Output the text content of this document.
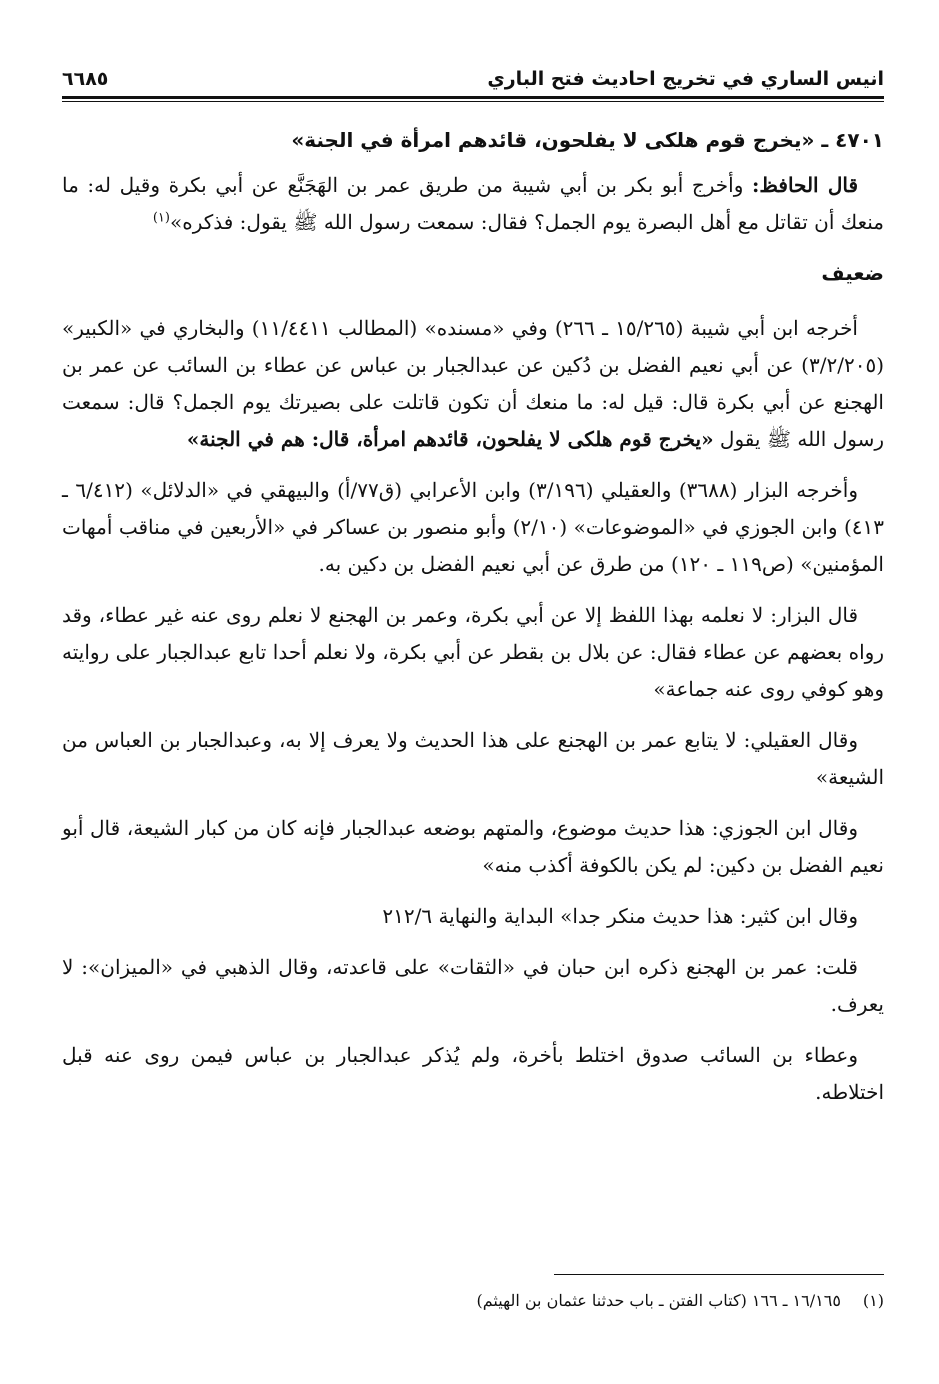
انيس الساري في تخريج احاديث فتح الباري
٦٦٨٥

٤٧٠١ ـ «يخرج قوم هلكى لا يفلحون، قائدهم امرأة في الجنة»

قال الحافظ: وأخرج أبو بكر بن أبي شيبة من طريق عمر بن الهَجَنَّع عن أبي بكرة وقيل له: ما منعك أن تقاتل مع أهل البصرة يوم الجمل؟ فقال: سمعت رسول الله ﷺ يقول: فذكره»$^{(١)}$

ضعيف

أخرجه ابن أبي شيبة (١٥/٢٦٥ ـ ٢٦٦) وفي «مسنده» (المطالب ١١/٤٤١١) والبخاري في «الكبير» (٣/٢/٢٠٥) عن أبي نعيم الفضل بن دُكين عن عبدالجبار بن عباس عن عطاء بن السائب عن عمر بن الهجنع عن أبي بكرة قال: قيل له: ما منعك أن تكون قاتلت على بصيرتك يوم الجمل؟ قال: سمعت رسول الله ﷺ يقول «يخرج قوم هلكى لا يفلحون، قائدهم امرأة، قال: هم في الجنة»

وأخرجه البزار (٣٦٨٨) والعقيلي (٣/١٩٦) وابن الأعرابي (ق٧٧/أ) والبيهقي في «الدلائل» (٦/٤١٢ ـ ٤١٣) وابن الجوزي في «الموضوعات» (٢/١٠) وأبو منصور بن عساكر في «الأربعين في مناقب أمهات المؤمنين» (ص١١٩ ـ ١٢٠) من طرق عن أبي نعيم الفضل بن دكين به.

قال البزار: لا نعلمه بهذا اللفظ إلا عن أبي بكرة، وعمر بن الهجنع لا نعلم روى عنه غير عطاء، وقد رواه بعضهم عن عطاء فقال: عن بلال بن بقطر عن أبي بكرة، ولا نعلم أحدا تابع عبدالجبار على روايته وهو كوفي روى عنه جماعة»

وقال العقيلي: لا يتابع عمر بن الهجنع على هذا الحديث ولا يعرف إلا به، وعبدالجبار بن العباس من الشيعة»

وقال ابن الجوزي: هذا حديث موضوع، والمتهم بوضعه عبدالجبار فإنه كان من كبار الشيعة، قال أبو نعيم الفضل بن دكين: لم يكن بالكوفة أكذب منه»

وقال ابن كثير: هذا حديث منكر جدا» البداية والنهاية ٢١٢/٦

قلت: عمر بن الهجنع ذكره ابن حبان في «الثقات» على قاعدته، وقال الذهبي في «الميزان»: لا يعرف.

وعطاء بن السائب صدوق اختلط بأخرة، ولم يُذكر عبدالجبار بن عباس فيمن روى عنه قبل اختلاطه.

(١)١٦/١٦٥ ـ ١٦٦ (كتاب الفتن ـ باب حدثنا عثمان بن الهيثم)
